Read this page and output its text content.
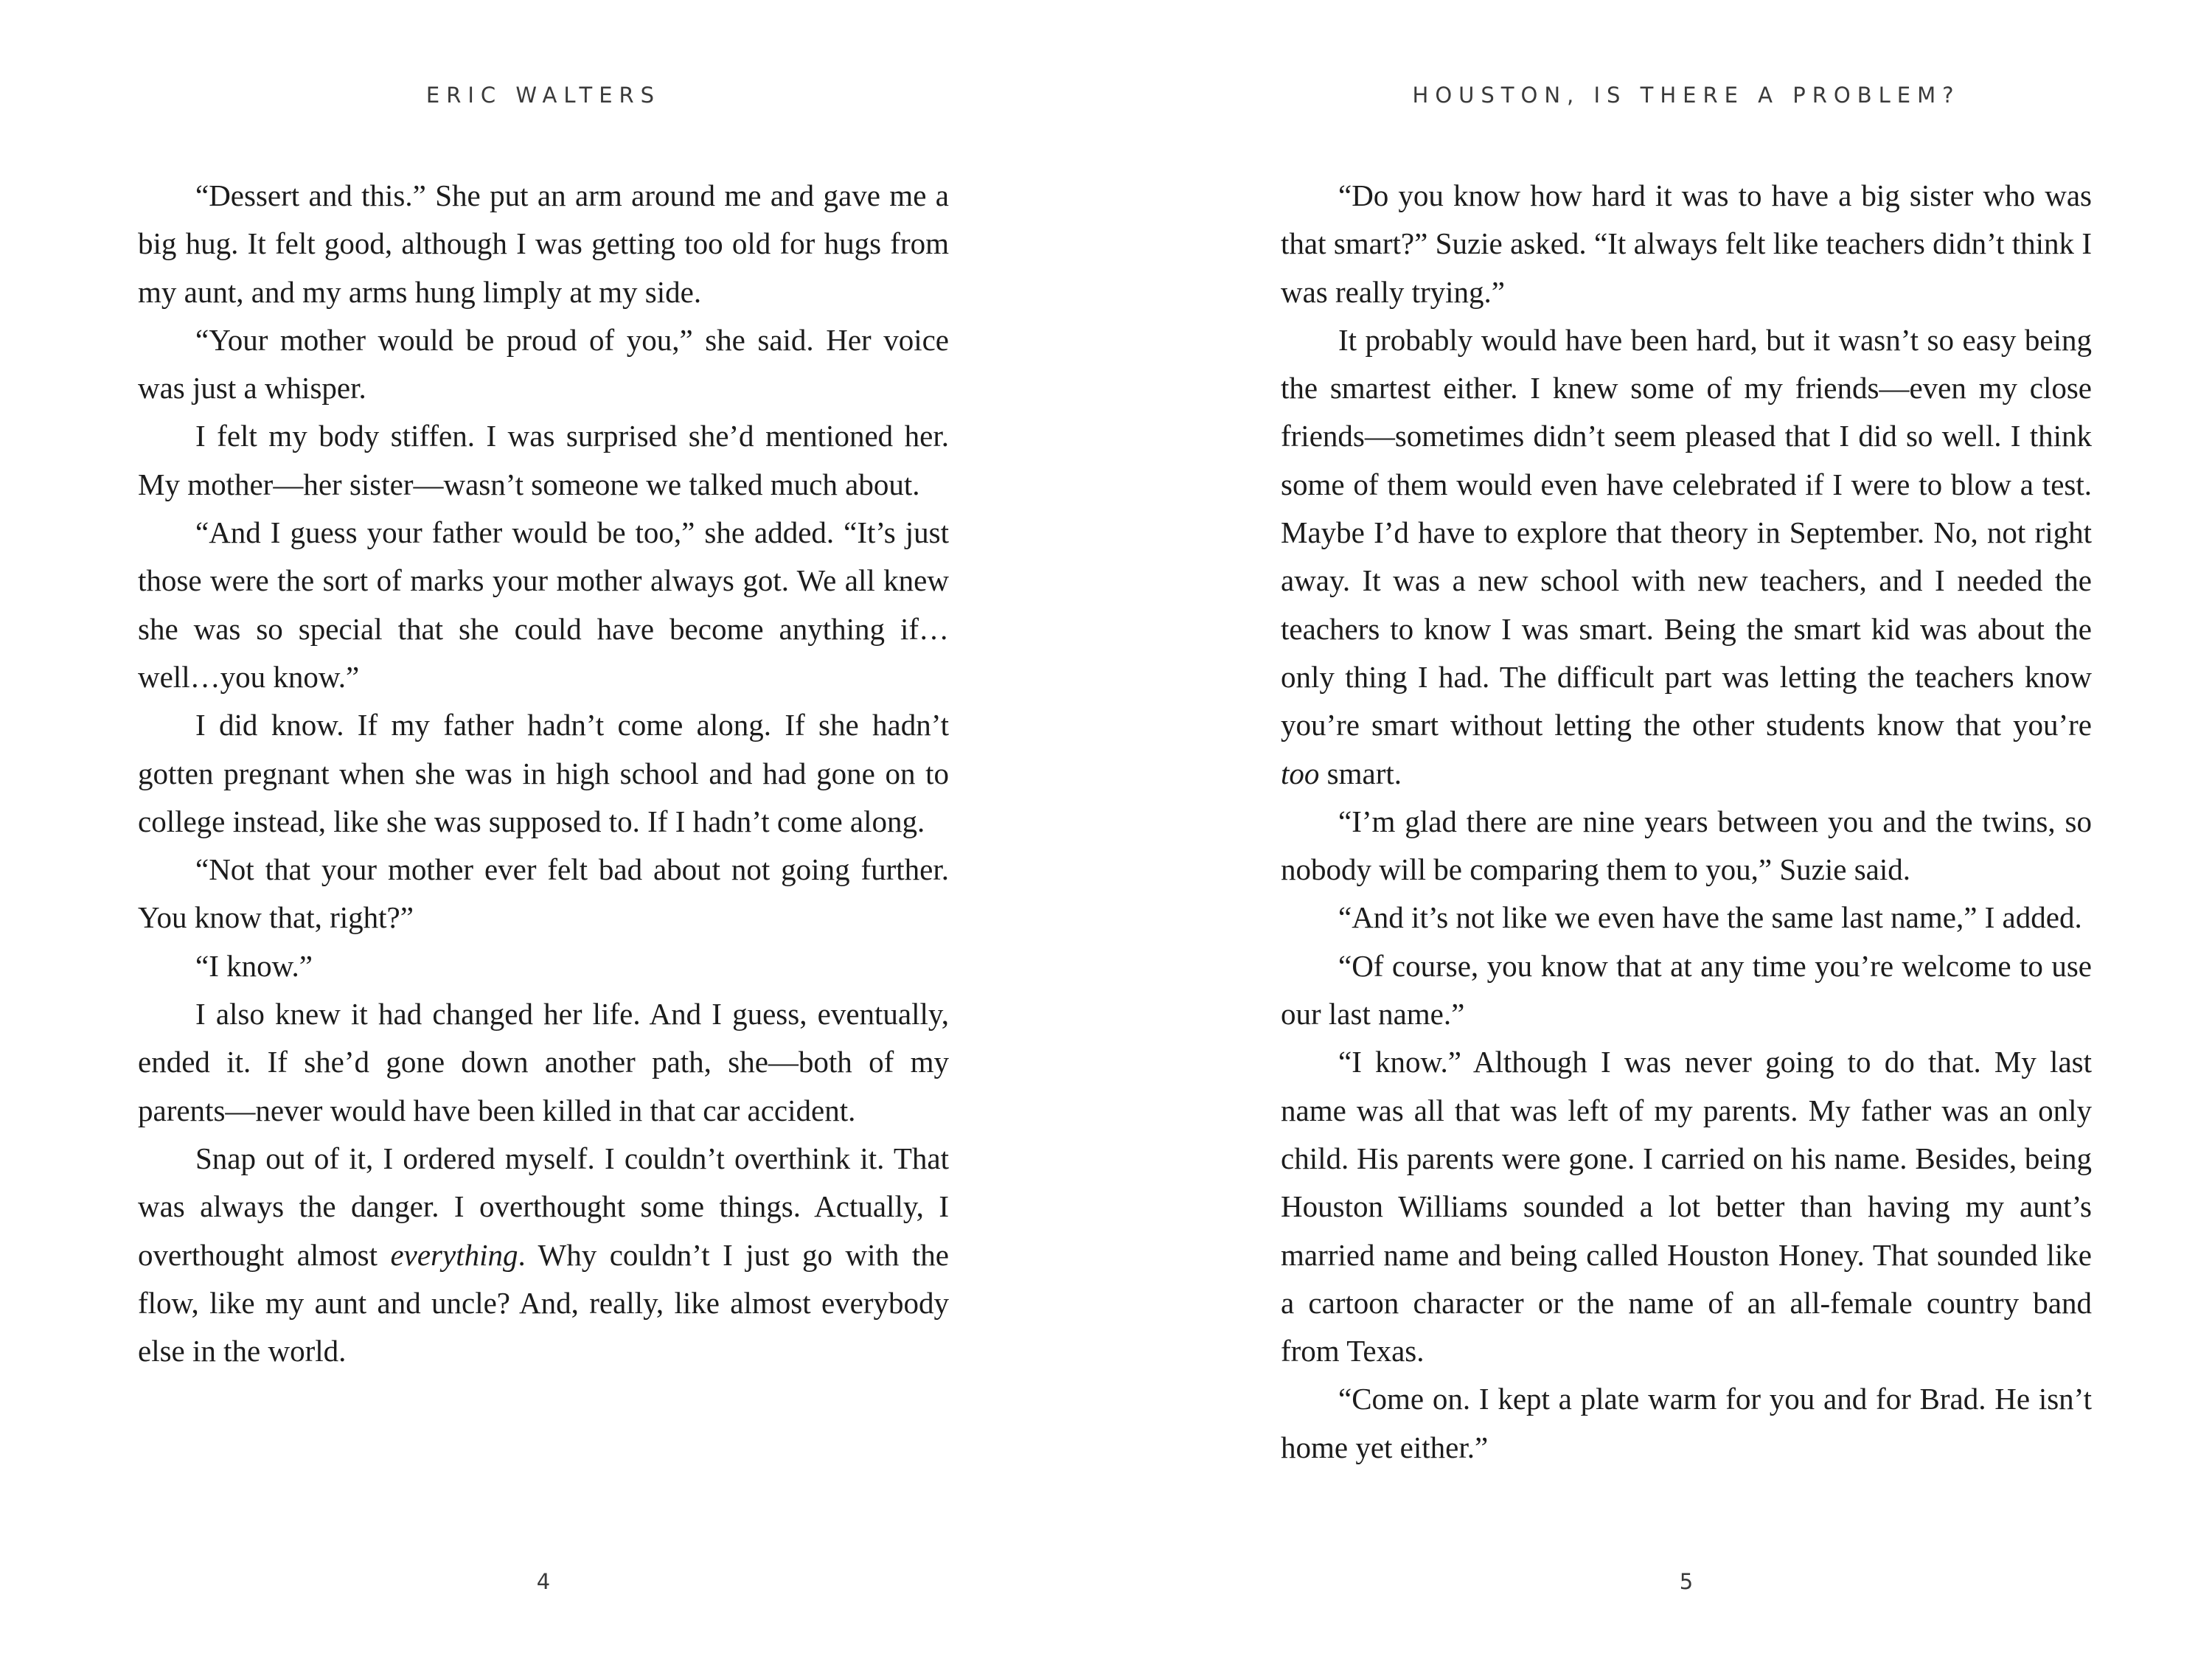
ERIC WALTERS

“Dessert and this.” She put an arm around me and gave me a big hug. It felt good, although I was getting too old for hugs from my aunt, and my arms hung limply at my side.

“Your mother would be proud of you,” she said. Her voice was just a whisper.

I felt my body stiffen. I was surprised she’d mentioned her. My mother—her sister—wasn’t someone we talked much about.

“And I guess your father would be too,” she added. “It’s just those were the sort of marks your mother always got. We all knew she was so special that she could have become anything if…well…you know.”

I did know. If my father hadn’t come along. If she hadn’t gotten pregnant when she was in high school and had gone on to college instead, like she was supposed to. If I hadn’t come along.

“Not that your mother ever felt bad about not going further. You know that, right?”

“I know.”

I also knew it had changed her life. And I guess, eventually, ended it. If she’d gone down another path, she—both of my parents—never would have been killed in that car accident.

Snap out of it, I ordered myself. I couldn’t overthink it. That was always the danger. I overthought some things. Actually, I overthought almost everything. Why couldn’t I just go with the flow, like my aunt and uncle? And, really, like almost everybody else in the world.

4
HOUSTON, IS THERE A PROBLEM?

“Do you know how hard it was to have a big sister who was that smart?” Suzie asked. “It always felt like teachers didn’t think I was really trying.”

It probably would have been hard, but it wasn’t so easy being the smartest either. I knew some of my friends—even my close friends—sometimes didn’t seem pleased that I did so well. I think some of them would even have celebrated if I were to blow a test. Maybe I’d have to explore that theory in September. No, not right away. It was a new school with new teachers, and I needed the teachers to know I was smart. Being the smart kid was about the only thing I had. The difficult part was letting the teachers know you’re smart without letting the other students know that you’re too smart.

“I’m glad there are nine years between you and the twins, so nobody will be comparing them to you,” Suzie said.

“And it’s not like we even have the same last name,” I added.

“Of course, you know that at any time you’re welcome to use our last name.”

“I know.” Although I was never going to do that. My last name was all that was left of my parents. My father was an only child. His parents were gone. I carried on his name. Besides, being Houston Williams sounded a lot better than having my aunt’s married name and being called Houston Honey. That sounded like a cartoon character or the name of an all-female country band from Texas.

“Come on. I kept a plate warm for you and for Brad. He isn’t home yet either.”

5
